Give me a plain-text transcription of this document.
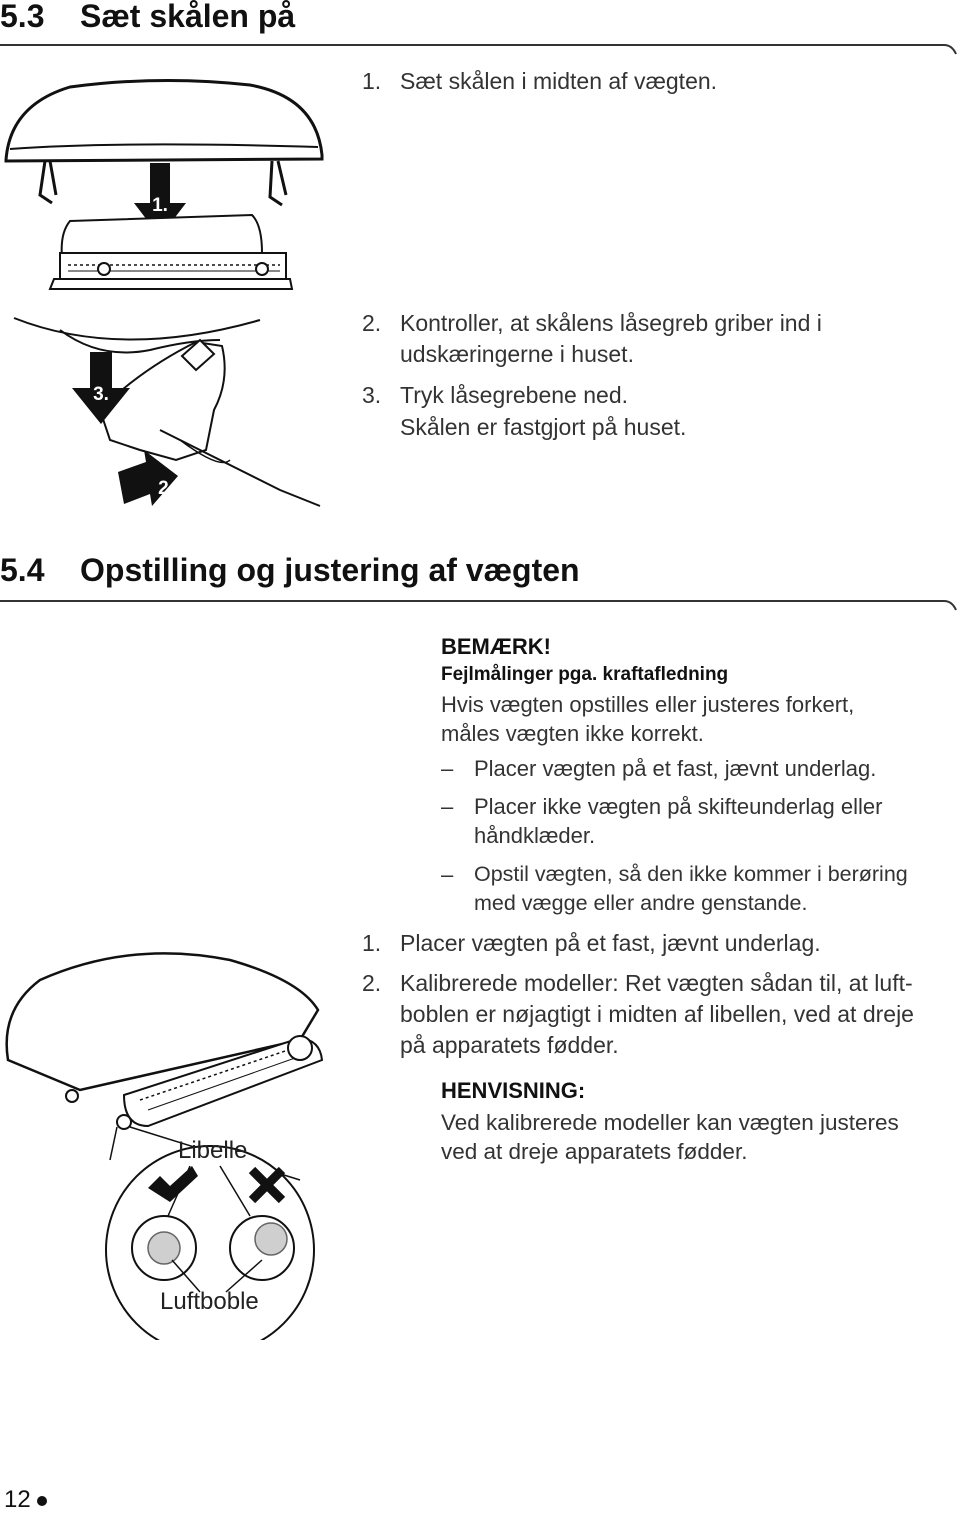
5.3 Sæt skålen på
1. Sæt skålen i midten af vægten.
1.
2. Kontroller, at skålens låsegreb griber ind i
udskæringerne i huset.
3. Tryk låsegrebene ned.
Skålen er fastgjort på huset.
3.
2.
5.4 Opstilling og justering af vægten
BEMÆRK!
Fejlmålinger pga. kraftafledning
Hvis vægten opstilles eller justeres forkert,
måles vægten ikke korrekt.
– Placer vægten på et fast, jævnt underlag.
– Placer ikke vægten på skifteunderlag eller
håndklæder.
– Opstil vægten, så den ikke kommer i berøring
med vægge eller andre genstande.
1. Placer vægten på et fast, jævnt underlag.
2. Kalibrerede modeller: Ret vægten sådan til, at luft-
boblen er nøjagtigt i midten af libellen, ved at dreje
på apparatets fødder.
HENVISNING:
Ved kalibrerede modeller kan vægten justeres
ved at dreje apparatets fødder.
Libelle
Luftboble
12
